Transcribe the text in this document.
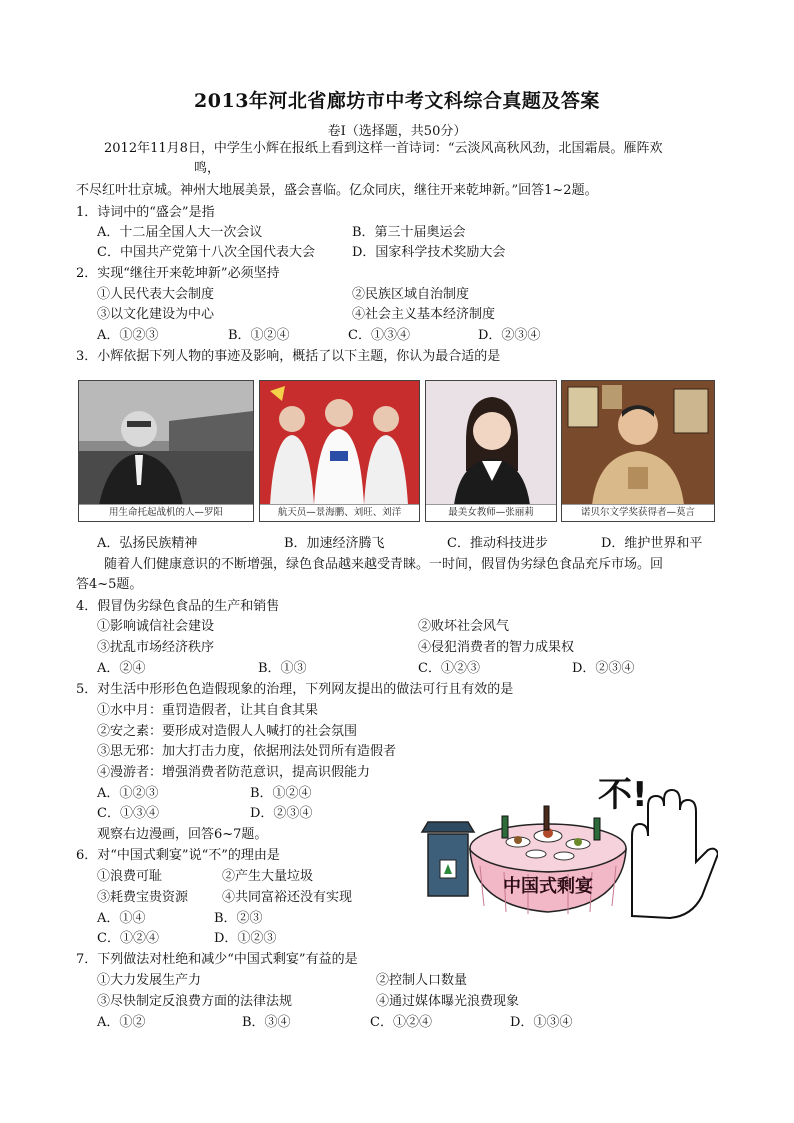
2013年河北省廊坊市中考文科综合真题及答案
卷Ⅰ（选择题，共50分）
2012年11月8日，中学生小辉在报纸上看到这样一首诗词：“云淡风高秋风劲，北国霜晨。雁阵欢
鸣，
不尽红叶壮京城。神州大地展美景，盛会喜临。亿众同庆，继往开来乾坤新。”回答1~2题。
1．诗词中的“盛会”是指
A．十二届全国人大一次会议	B．第三十届奥运会
C．中国共产党第十八次全国代表大会	D．国家科学技术奖励大会
2．实现“继往开来乾坤新”必须坚持
①人民代表大会制度	②民族区域自治制度
③以文化建设为中心	④社会主义基本经济制度
A．①②③	B．①②④	C．①③④	D．②③④
3．小辉依据下列人物的事迹及影响，概括了以下主题，你认为最合适的是
用生命托起战机的人—罗阳	航天员—景海鹏、刘旺、刘洋	最美女教师—张丽莉	诺贝尔文学奖获得者—莫言
A．弘扬民族精神	B．加速经济腾飞	C．推动科技进步	D．维护世界和平
随着人们健康意识的不断增强，绿色食品越来越受青睐。一时间，假冒伪劣绿色食品充斥市场。回
答4~5题。
4．假冒伪劣绿色食品的生产和销售
①影响诚信社会建设	②败坏社会风气
③扰乱市场经济秩序	④侵犯消费者的智力成果权
A．②④	B．①③	C．①②③	D．②③④
5．对生活中形形色色造假现象的治理，下列网友提出的做法可行且有效的是
①水中月：重罚造假者，让其自食其果
②安之素：要形成对造假人人喊打的社会氛围
③思无邪：加大打击力度，依据刑法处罚所有造假者
④漫游者：增强消费者防范意识，提高识假能力
A．①②③	B．①②④
C．①③④	D．②③④
观察右边漫画，回答6~7题。
6．对“中国式剩宴”说“不”的理由是
①浪费可耻	②产生大量垃圾
③耗费宝贵资源	④共同富裕还没有实现
A．①④	B．②③
C．①②④	D．①②③
中国式剩宴
不!
7．下列做法对杜绝和减少“中国式剩宴”有益的是
①大力发展生产力	②控制人口数量
③尽快制定反浪费方面的法律法规	④通过媒体曝光浪费现象
A．①②	B．③④	C．①②④	D．①③④
